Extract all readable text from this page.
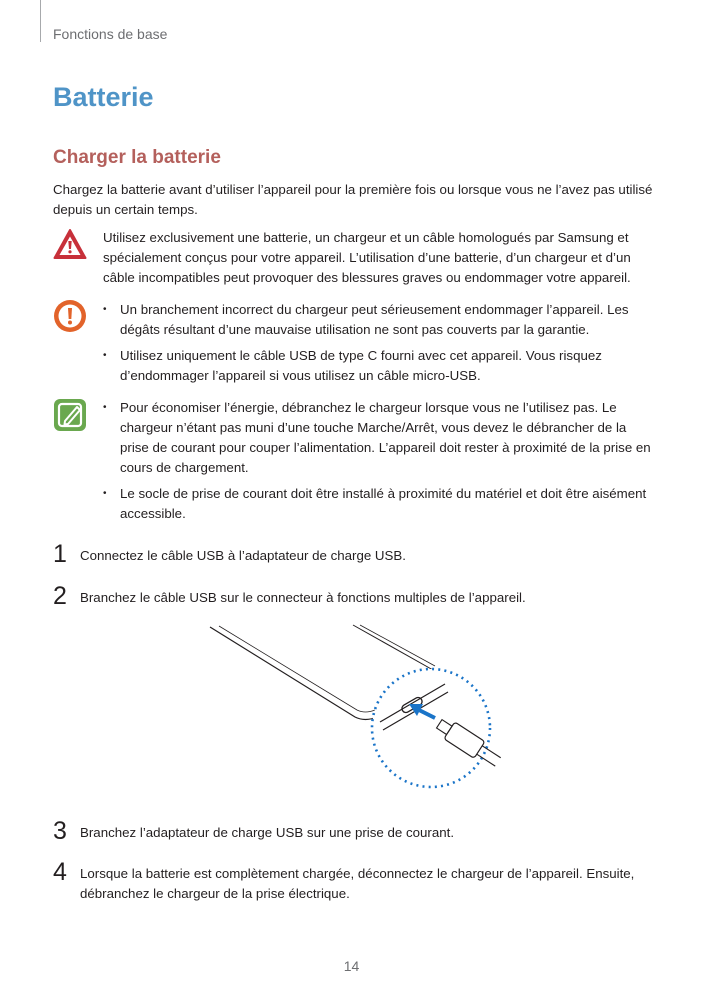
Fonctions de base
Batterie
Charger la batterie

Chargez la batterie avant d’utiliser l’appareil pour la première fois ou lorsque vous ne l’avez pas utilisé depuis un certain temps.

Utilisez exclusivement une batterie, un chargeur et un câble homologués par Samsung et spécialement conçus pour votre appareil. L’utilisation d’une batterie, d’un chargeur et d’un câble incompatibles peut provoquer des blessures graves ou endommager votre appareil.

• Un branchement incorrect du chargeur peut sérieusement endommager l’appareil. Les dégâts résultant d’une mauvaise utilisation ne sont pas couverts par la garantie.
• Utilisez uniquement le câble USB de type C fourni avec cet appareil. Vous risquez d’endommager l’appareil si vous utilisez un câble micro-USB.
• Pour économiser l’énergie, débranchez le chargeur lorsque vous ne l’utilisez pas. Le chargeur n’étant pas muni d’une touche Marche/Arrêt, vous devez le débrancher de la prise de courant pour couper l’alimentation. L’appareil doit rester à proximité de la prise en cours de chargement.
• Le socle de prise de courant doit être installé à proximité du matériel et doit être aisément accessible.
1 Connectez le câble USB à l’adaptateur de charge USB.
2 Branchez le câble USB sur le connecteur à fonctions multiples de l’appareil.
3 Branchez l’adaptateur de charge USB sur une prise de courant.
4 Lorsque la batterie est complètement chargée, déconnectez le chargeur de l’appareil. Ensuite, débranchez le chargeur de la prise électrique.
14
